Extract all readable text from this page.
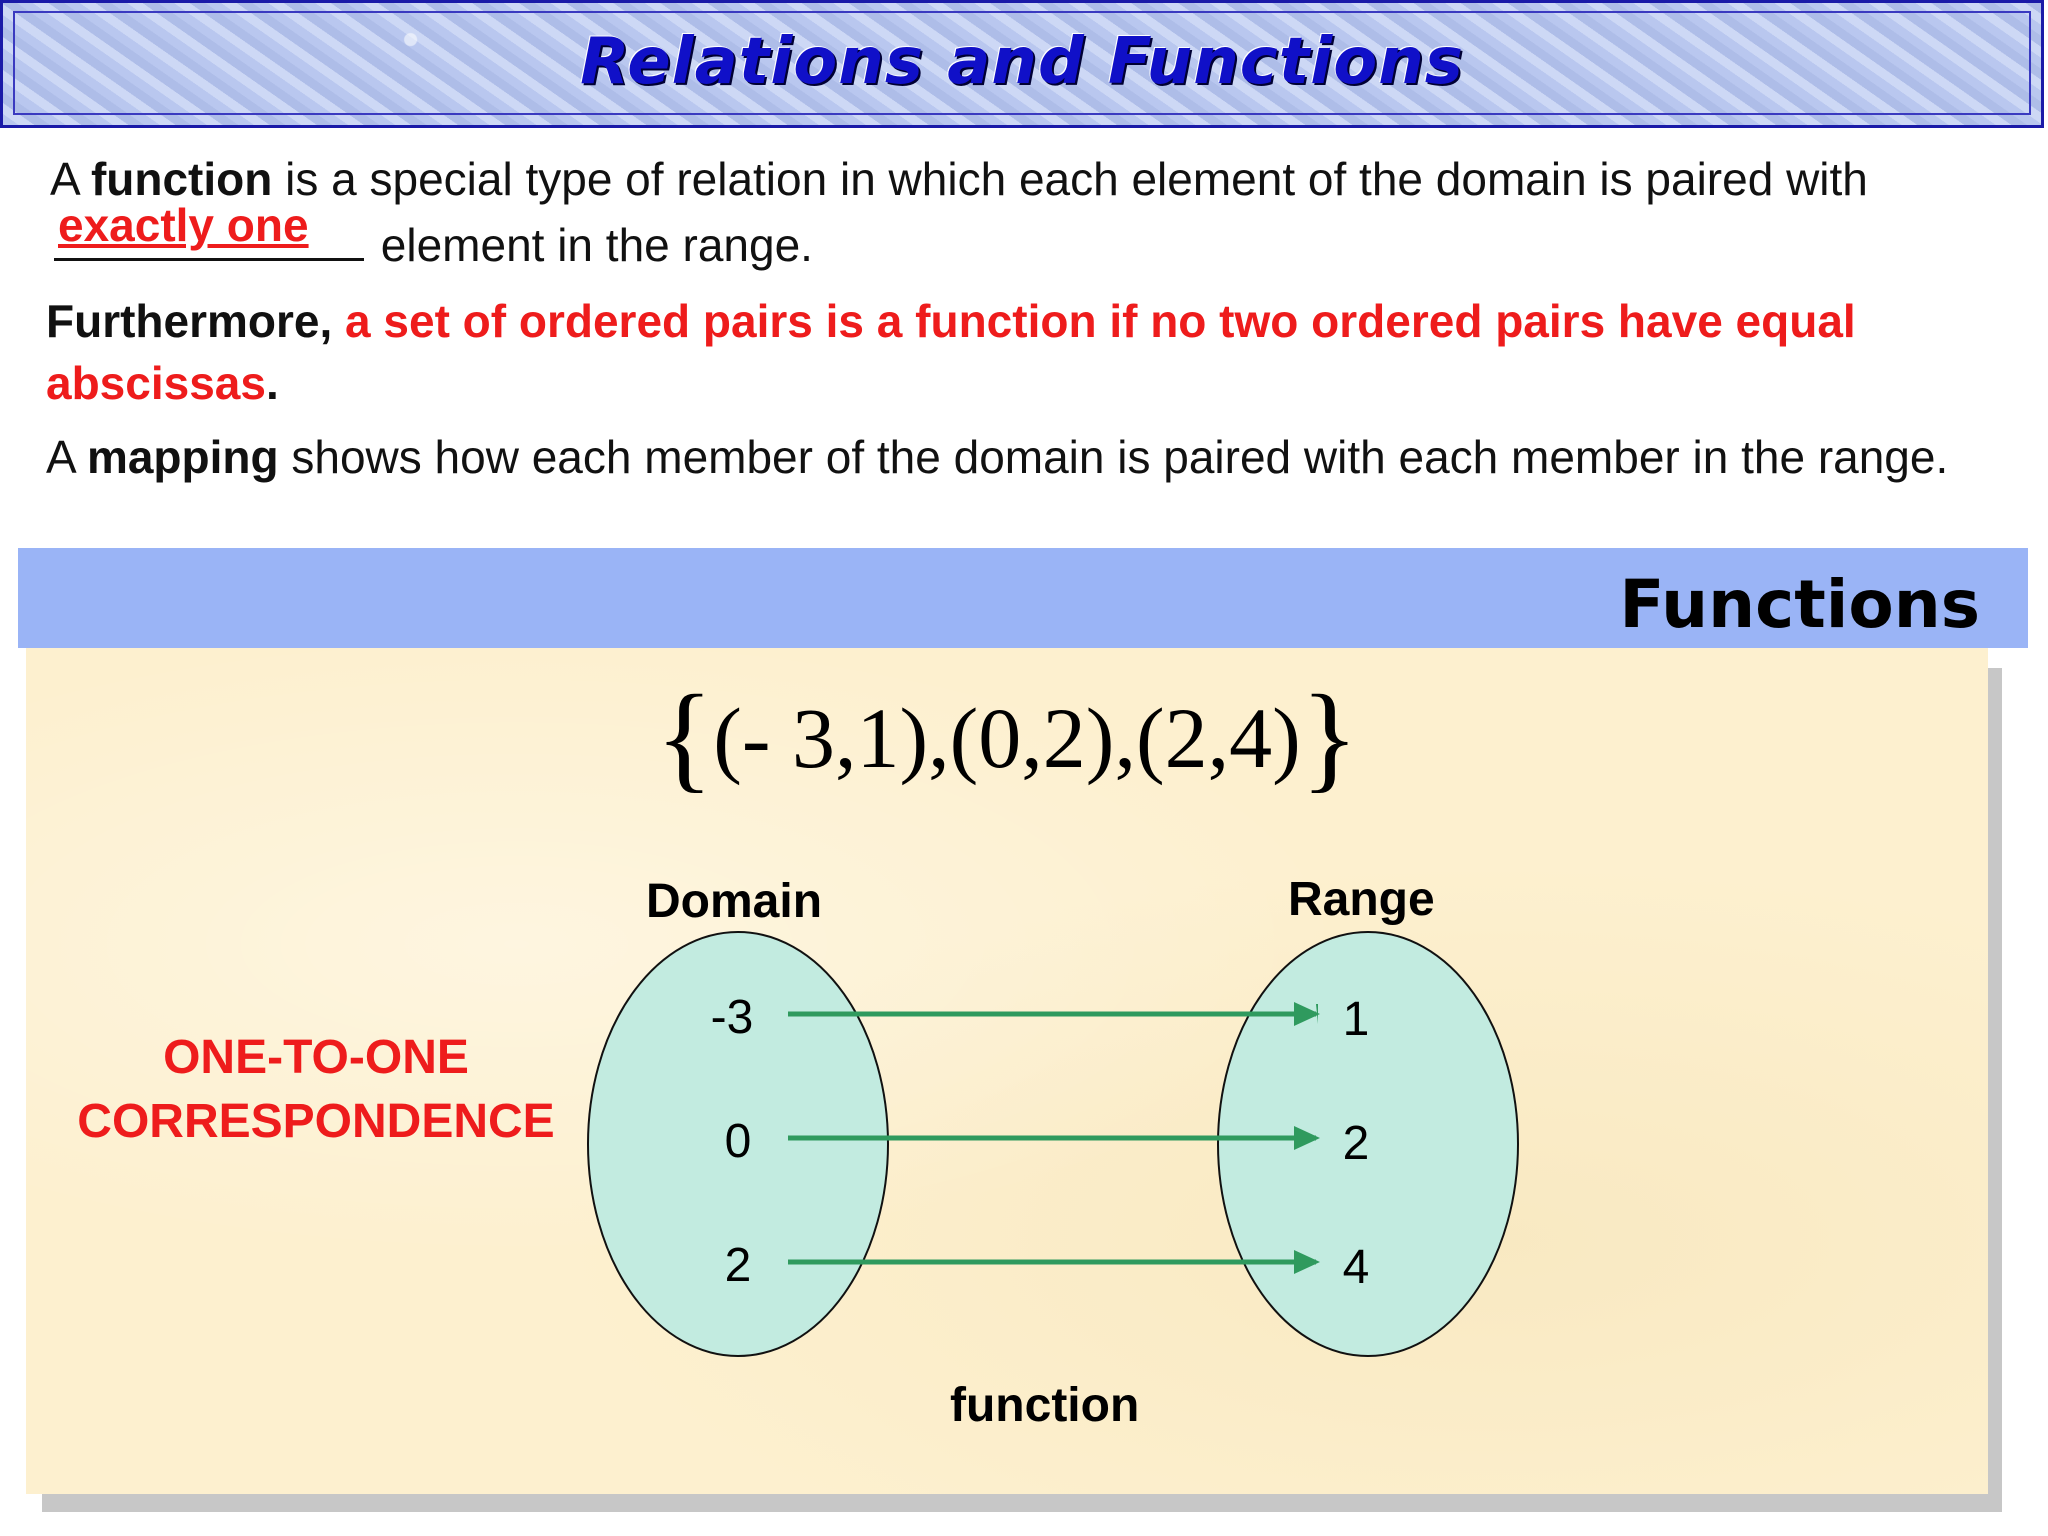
Relations and Functions
A function is a special type of relation in which each element of the domain is paired with
exactly one element in the range.
Furthermore, a set of ordered pairs is a function if no two ordered pairs have equal abscissas.
A mapping shows how each member of the domain is paired with each member in the range.
Functions
{(- 3,1),(0,2),(2,4)}
ONE-TO-ONE
CORRESPONDENCE
Domain	Range
-3
0
2
1
2
4
function
